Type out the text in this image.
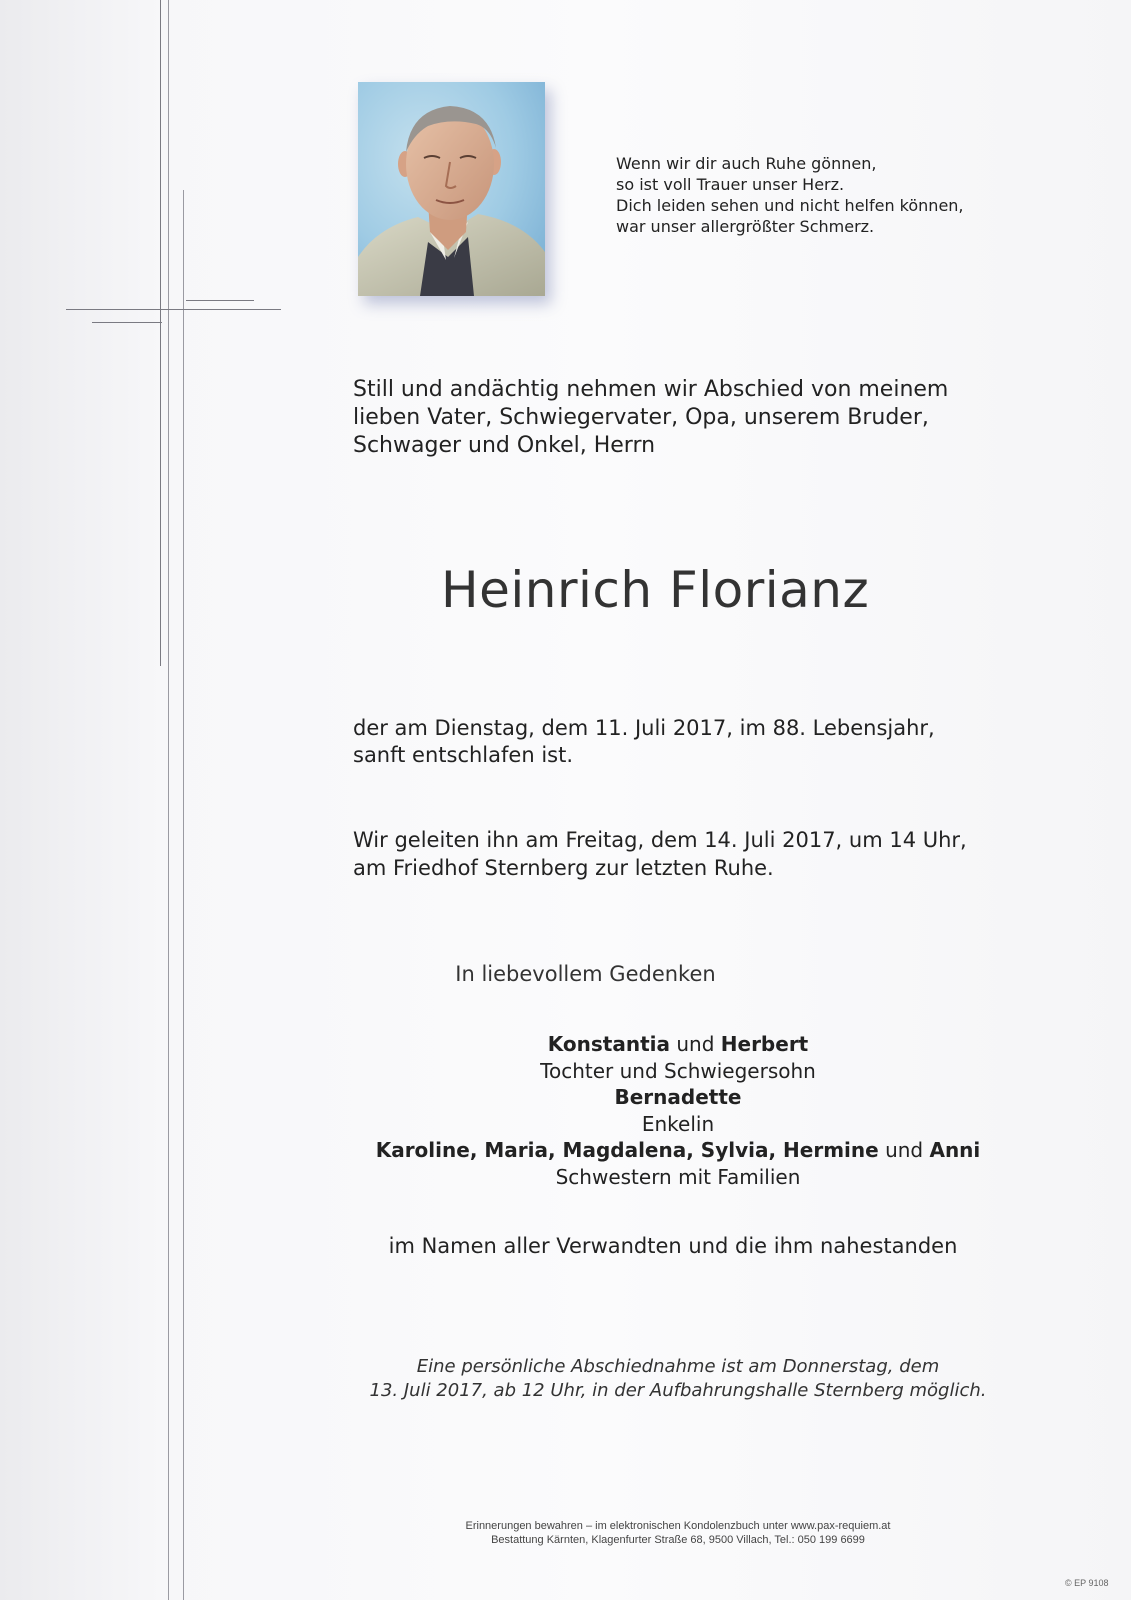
Wenn wir dir auch Ruhe gönnen,
so ist voll Trauer unser Herz.
Dich leiden sehen und nicht helfen können,
war unser allergrößter Schmerz.
Still und andächtig nehmen wir Abschied von meinem
lieben Vater, Schwiegervater, Opa, unserem Bruder,
Schwager und Onkel, Herrn
Heinrich Florianz
der am Dienstag, dem 11. Juli 2017, im 88. Lebensjahr,
sanft entschlafen ist.
Wir geleiten ihn am Freitag, dem 14. Juli 2017, um 14 Uhr,
am Friedhof Sternberg zur letzten Ruhe.
In liebevollem Gedenken
Konstantia und Herbert
Tochter und Schwiegersohn
Bernadette
Enkelin
Karoline, Maria, Magdalena, Sylvia, Hermine und Anni
Schwestern mit Familien
im Namen aller Verwandten und die ihm nahestanden
Eine persönliche Abschiednahme ist am Donnerstag, dem
13. Juli 2017, ab 12 Uhr, in der Aufbahrungshalle Sternberg möglich.
Erinnerungen bewahren – im elektronischen Kondolenzbuch unter www.pax-requiem.at
Bestattung Kärnten, Klagenfurter Straße 68, 9500 Villach, Tel.: 050 199 6699
© EP 9108
